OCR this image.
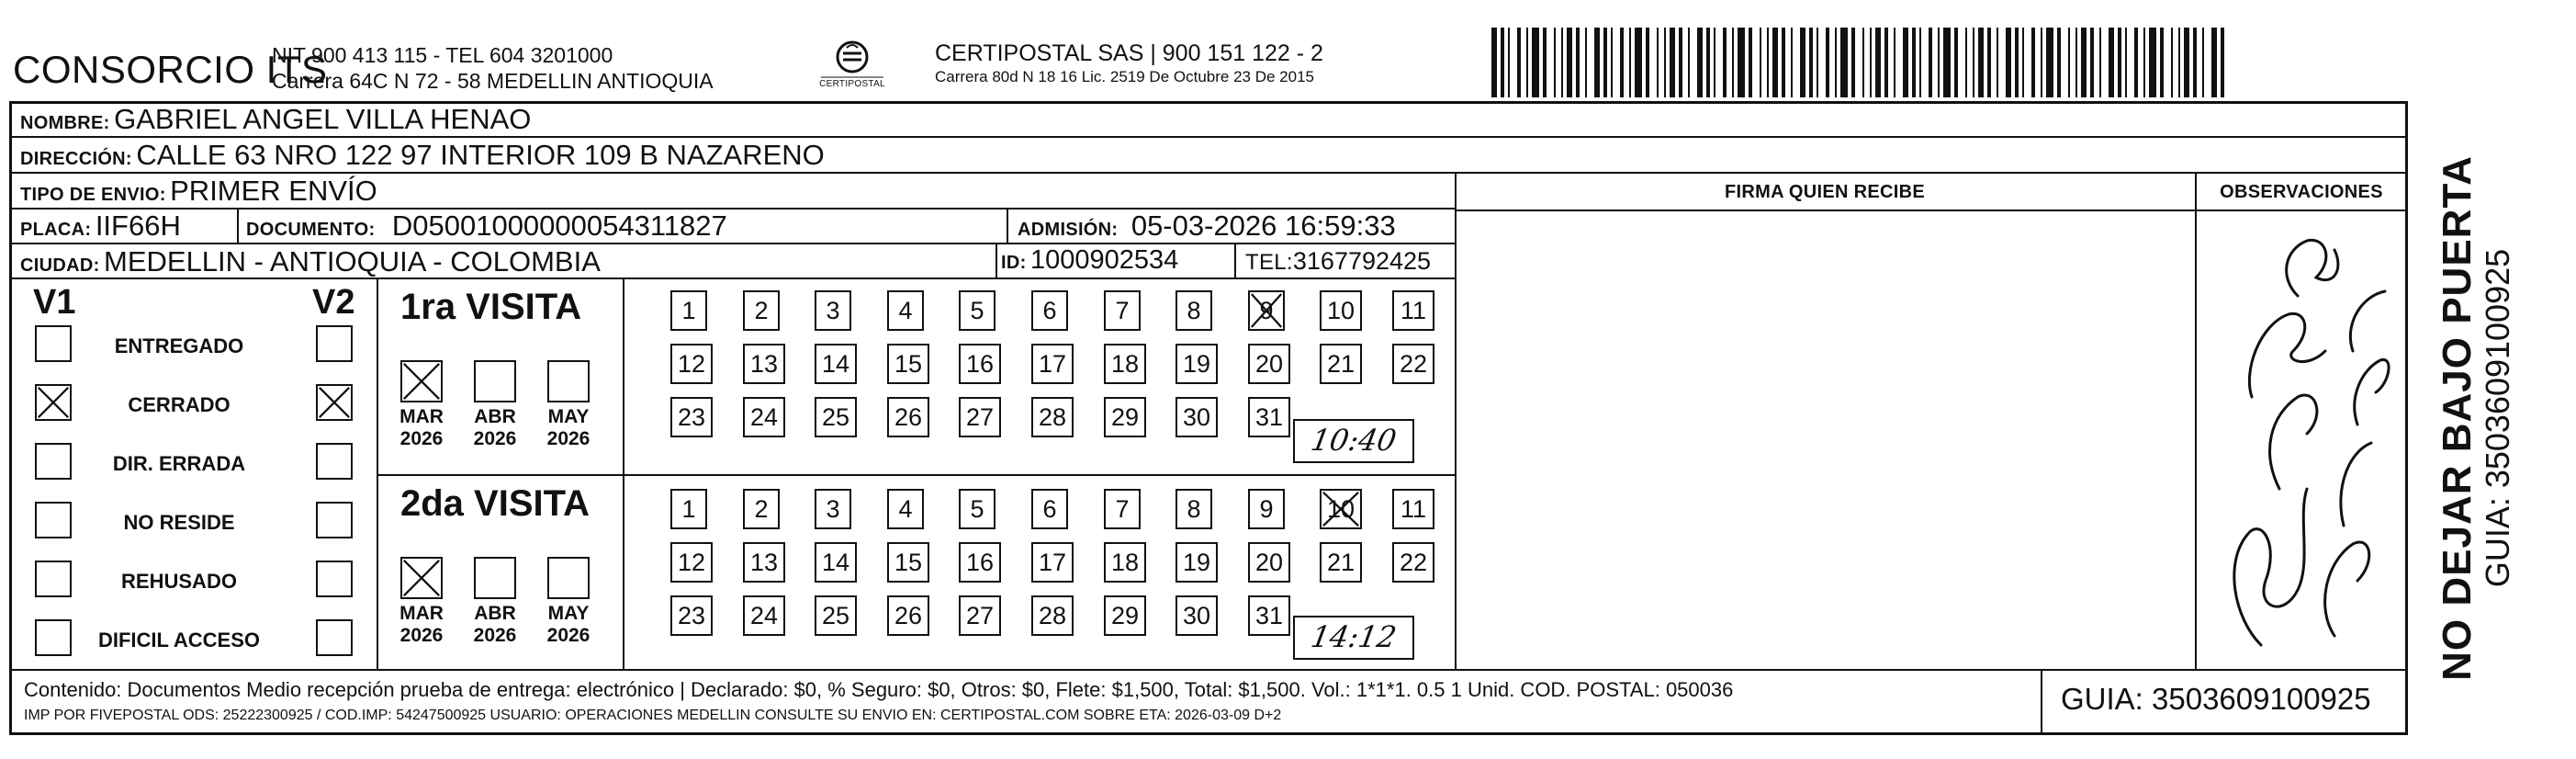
CONSORCIO ITS
NIT 900 413 115 - TEL 604 3201000
Carrera 64C N 72 - 58 MEDELLIN ANTIOQUIA	CERTIPOSTAL
CERTIPOSTAL SAS | 900 151 122 - 2
Carrera 80d N 18 16 Lic. 2519 De Octubre 23 De 2015
NOMBRE: GABRIEL ANGEL VILLA HENAO
DIRECCIÓN: CALLE 63 NRO 122 97 INTERIOR 109 B NAZARENO
TIPO DE ENVIO: PRIMER ENVÍO	FIRMA QUIEN RECIBE	OBSERVACIONES
PLACA: IIF66H	DOCUMENTO: D05001000000054311827	ADMISIÓN: 05-03-2026 16:59:33
CIUDAD: MEDELLIN - ANTIOQUIA - COLOMBIA	ID: 1000902534	TEL:3167792425
V1	V2
ENTREGADO
CERRADO
DIR. ERRADA
NO RESIDE
REHUSADO
DIFICIL ACCESO
1ra VISITA
2da VISITA
MAR
2026
ABR
2026
MAY
2026
MAR
2026
ABR
2026
MAY
2026
1	2	3	4	5	6	7	8	9	10	11
12 13 14 15 16 17 18 19 20 21 22
23 24 25 26 27 28 29 30 31
1	2	3	4	5	6	7	8	9	10	11
12 13 14 15 16 17 18 19 20 21 22
23 24 25 26 27 28 29 30 31
10:40
14:12
Contenido: Documentos Medio recepción prueba de entrega: electrónico | Declarado: $0, % Seguro: $0, Otros: $0, Flete: $1,500, Total: $1,500. Vol.: 1*1*1. 0.5 1 Unid. COD. POSTAL: 050036
IMP POR FIVEPOSTAL ODS: 25222300925 / COD.IMP: 54247500925 USUARIO: OPERACIONES MEDELLIN CONSULTE SU ENVIO EN: CERTIPOSTAL.COM SOBRE ETA: 2026-03-09 D+2	GUIA: 3503609100925
NO DEJAR BAJO PUERTA GUIA: 3503609100925
